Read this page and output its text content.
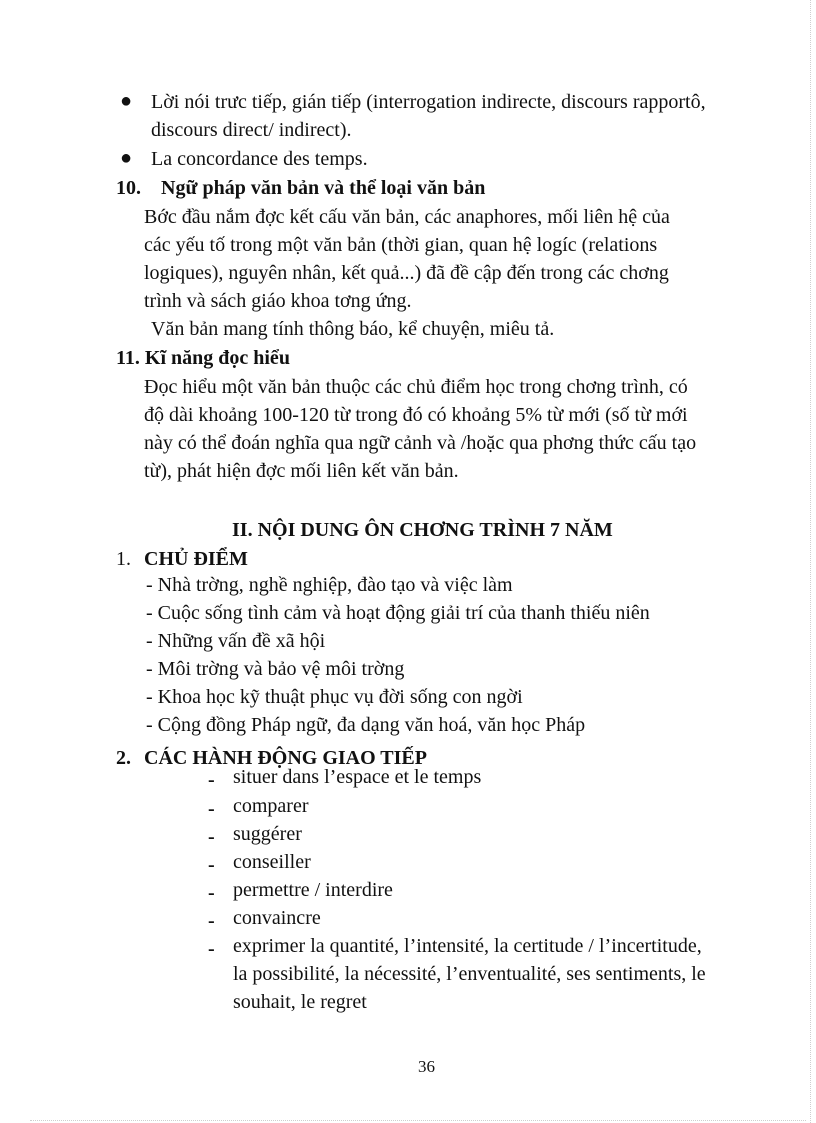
● Lời nói trưc tiếp, gián tiếp (interrogation indirecte, discours rapportô,
discours direct/ indirect).
● La concordance des temps.
10. Ngữ pháp văn bản và thể loại văn bản
Bớc đầu nắm đợc kết cấu văn bản, các anaphores, mối liên hệ của
các yếu tố trong một văn bản (thời gian, quan hệ logíc (relations
logiques), nguyên nhân, kết quả...) đã đề cập đến trong các chơng
trình và sách giáo khoa tơng ứng.
Văn bản mang tính thông báo, kể chuyện, miêu tả.
11. Kĩ năng đọc hiểu
Đọc hiểu một văn bản thuộc các chủ điểm học trong chơng trình, có
độ dài khoảng 100-120 từ trong đó có khoảng 5% từ mới (số từ mới
này có thể đoán nghĩa qua ngữ cảnh và /hoặc qua phơng thức cấu tạo
từ), phát hiện đợc mối liên kết văn bản.
II. NỘI DUNG ÔN CHƠNG TRÌNH 7 NĂM
1. CHỦ ĐIỂM
- Nhà trờng, nghề nghiệp, đào tạo và việc làm
- Cuộc sống tình cảm và hoạt động giải trí của thanh thiếu niên
- Những vấn đề xã hội
- Môi trờng và bảo vệ môi trờng
- Khoa học kỹ thuật phục vụ đời sống con ngời
- Cộng đồng Pháp ngữ, đa dạng văn hoá, văn học Pháp
2. CÁC HÀNH ĐỘNG GIAO TIẾP
- situer dans l’espace et le temps
- comparer
- suggérer
- conseiller
- permettre / interdire
- convaincre
- exprimer la quantité, l’intensité, la certitude / l’incertitude,
la possibilité, la nécessité, l’enventualité, ses sentiments, le
souhait, le regret
36
